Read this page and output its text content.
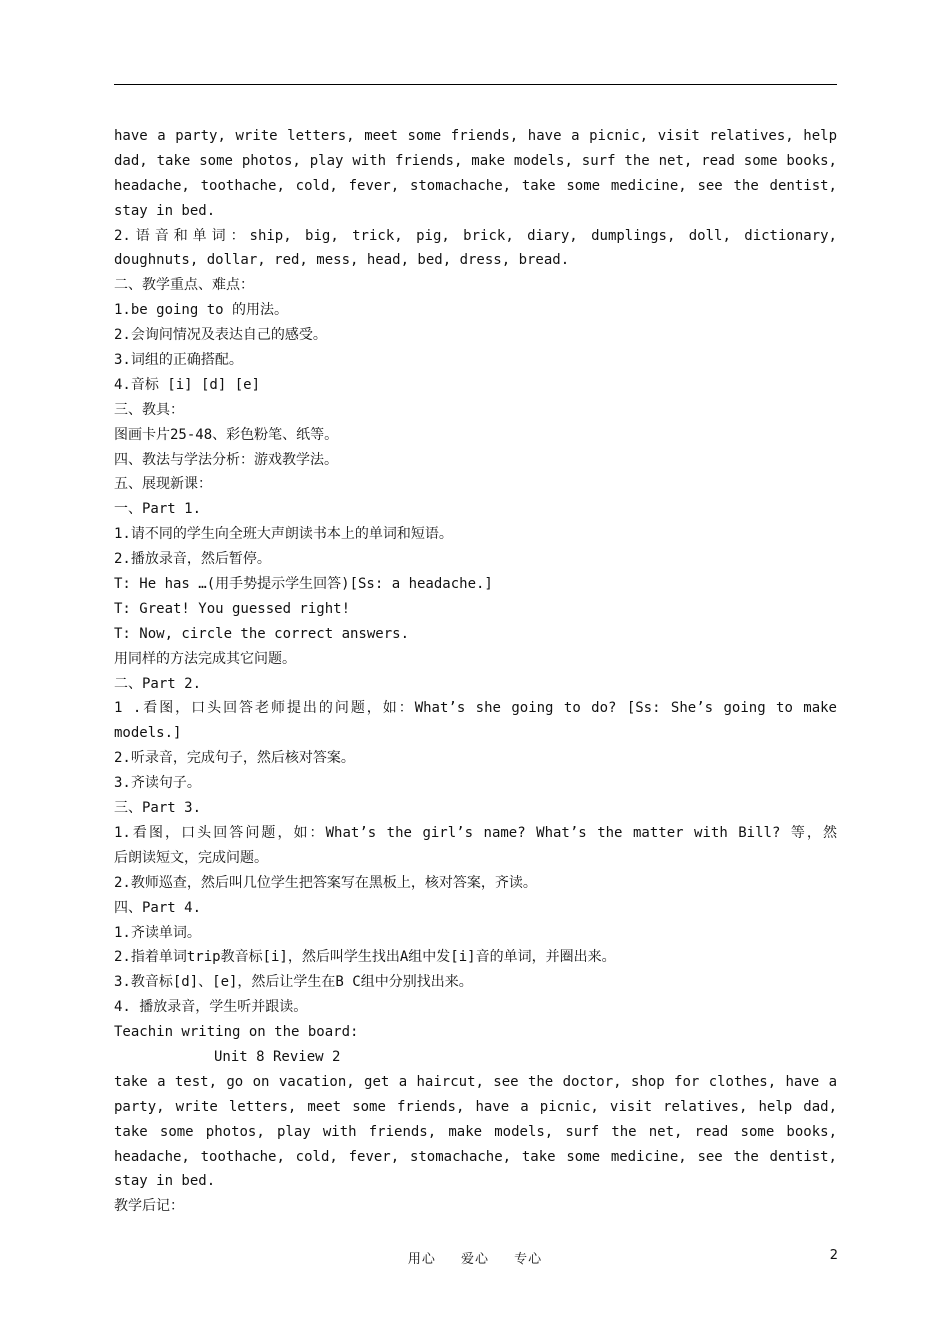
have a party, write letters, meet some friends, have a picnic, visit relatives, help
dad, take some photos, play with friends, make models, surf the net, read some books,
headache, toothache, cold, fever, stomachache, take some medicine, see the dentist,
stay in bed.
2.语音和单词：ship, big, trick, pig, brick, diary, dumplings, doll, dictionary,
doughnuts, dollar, red, mess, head, bed, dress, bread.
二、教学重点、难点：
1.be going to 的用法。
2.会询问情况及表达自己的感受。
3.词组的正确搭配。
4.音标 [i] [d] [e]
三、教具：
图画卡片25-48、彩色粉笔、纸等。
四、教法与学法分析：游戏教学法。
五、展现新课：
一、Part 1.
1.请不同的学生向全班大声朗读书本上的单词和短语。
2.播放录音，然后暂停。
T: He has …(用手势提示学生回答)[Ss: a headache.]
T: Great! You guessed right!
T: Now, circle the correct answers.
用同样的方法完成其它问题。
二、Part 2.
1 .看图，口头回答老师提出的问题，如：What’s she going to do? [Ss: She’s going to make
models.]
2.听录音，完成句子，然后核对答案。
3.齐读句子。
三、Part 3.
1.看图，口头回答问题，如：What’s the girl’s name? What’s the matter with Bill? 等，然
后朗读短文，完成问题。
2.教师巡查，然后叫几位学生把答案写在黑板上，核对答案，齐读。
四、Part 4.
1.齐读单词。
2.指着单词trip教音标[i]，然后叫学生找出A组中发[i]音的单词，并圈出来。
3.教音标[d]、[e]，然后让学生在B C组中分别找出来。
4. 播放录音，学生听并跟读。
Teachin writing on the board:
Unit 8 Review 2
take a test, go on vacation, get a haircut, see the doctor, shop for clothes, have a
party, write letters, meet some friends, have a picnic, visit relatives, help dad,
take some photos, play with friends, make models, surf the net, read some books,
headache, toothache, cold, fever, stomachache, take some medicine, see the dentist,
stay in bed.
教学后记：
用心 爱心 专心	2
